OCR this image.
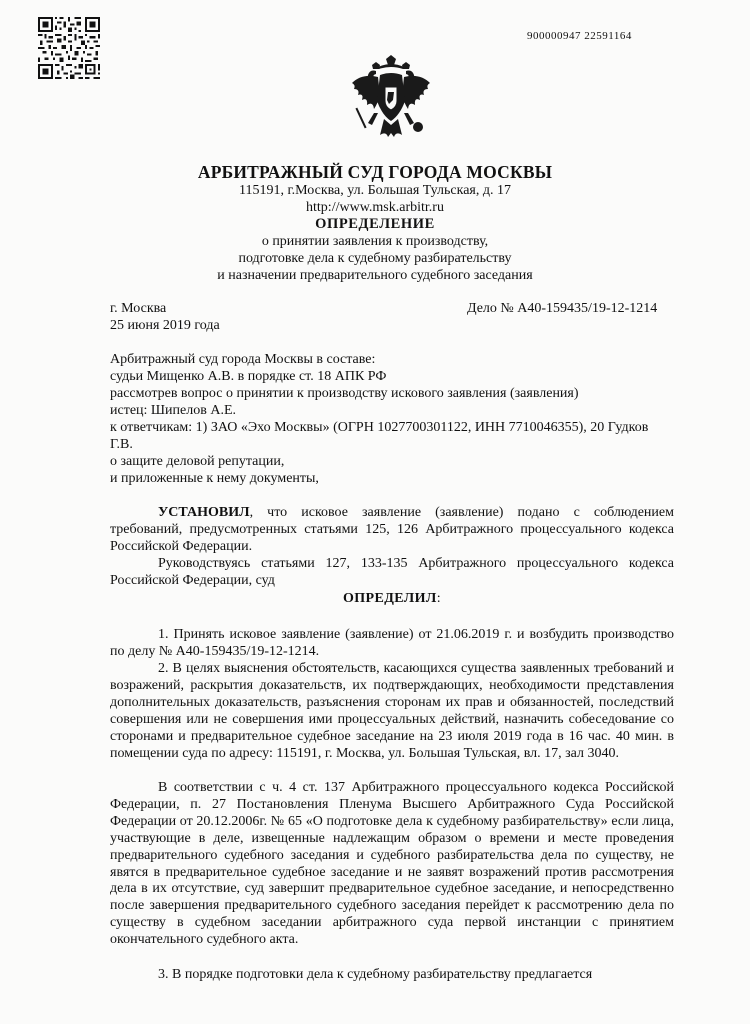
900000947 22591164
АРБИТРАЖНЫЙ СУД ГОРОДА МОСКВЫ
115191, г.Москва, ул. Большая Тульская, д. 17
http://www.msk.arbitr.ru
ОПРЕДЕЛЕНИЕ
о принятии заявления к производству,
подготовке дела к судебному разбирательству
и назначении предварительного судебного заседания
г. Москва
25 июня 2019 года
Дело № А40-159435/19-12-1214
Арбитражный суд города Москвы в составе:
судьи Мищенко А.В. в порядке ст. 18 АПК РФ
рассмотрев вопрос о принятии к производству искового заявления (заявления)
истец: Шипелов А.Е.
к ответчикам: 1) ЗАО «Эхо Москвы» (ОГРН 1027700301122, ИНН 7710046355), 20 Гудков Г.В.
о защите деловой репутации,
и приложенные к нему документы,
УСТАНОВИЛ, что исковое заявление (заявление) подано с соблюдением требований, предусмотренных статьями 125, 126 Арбитражного процессуального кодекса Российской Федерации.
Руководствуясь статьями 127, 133-135 Арбитражного процессуального кодекса Российской Федерации, суд
ОПРЕДЕЛИЛ:
1. Принять исковое заявление (заявление) от 21.06.2019 г. и возбудить производство по делу № А40-159435/19-12-1214.
2. В целях выяснения обстоятельств, касающихся существа заявленных требований и возражений, раскрытия доказательств, их подтверждающих, необходимости представления дополнительных доказательств, разъяснения сторонам их прав и обязанностей, последствий совершения или не совершения ими процессуальных действий, назначить собеседование со сторонами и предварительное судебное заседание на 23 июля 2019 года в 16 час. 40 мин. в помещении суда по адресу: 115191, г. Москва, ул. Большая Тульская, вл. 17, зал 3040.
В соответствии с ч. 4 ст. 137 Арбитражного процессуального кодекса Российской Федерации, п. 27 Постановления Пленума Высшего Арбитражного Суда Российской Федерации от 20.12.2006г. № 65 «О подготовке дела к судебному разбирательству» если лица, участвующие в деле, извещенные надлежащим образом о времени и месте проведения предварительного судебного заседания и судебного разбирательства дела по существу, не явятся в предварительное судебное заседание и не заявят возражений против рассмотрения дела в их отсутствие, суд завершит предварительное судебное заседание, и непосредственно после завершения предварительного судебного заседания перейдет к рассмотрению дела по существу в судебном заседании арбитражного суда первой инстанции с принятием окончательного судебного акта.
3. В порядке подготовки дела к судебному разбирательству предлагается
